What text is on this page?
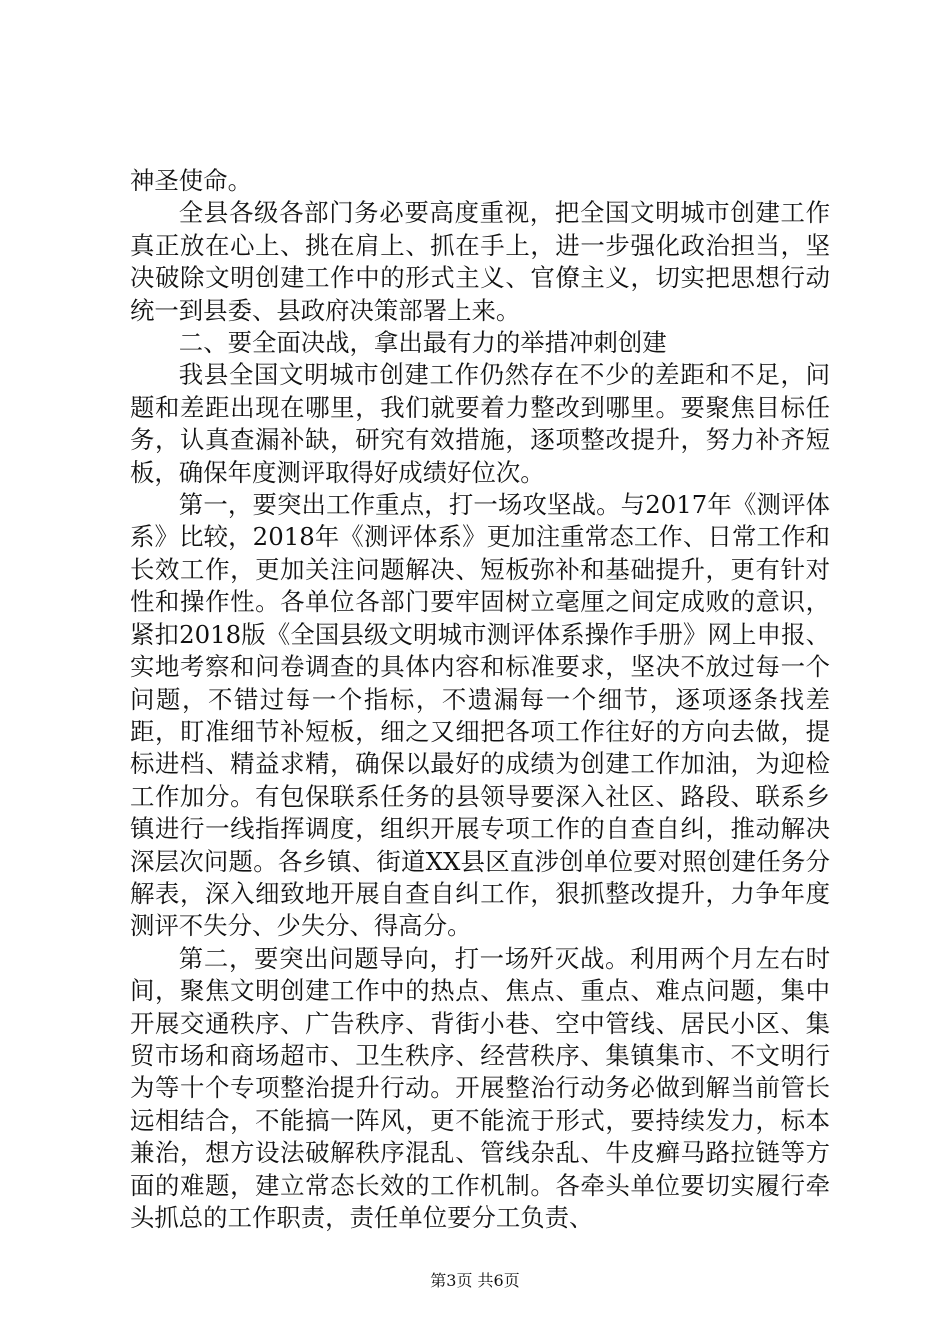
神圣使命。

全县各级各部门务必要高度重视，把全国文明城市创建工作真正放在心上、挑在肩上、抓在手上，进一步强化政治担当，坚决破除文明创建工作中的形式主义、官僚主义，切实把思想行动统一到县委、县政府决策部署上来。

二、要全面决战，拿出最有力的举措冲刺创建

我县全国文明城市创建工作仍然存在不少的差距和不足，问题和差距出现在哪里，我们就要着力整改到哪里。要聚焦目标任务，认真查漏补缺，研究有效措施，逐项整改提升，努力补齐短板，确保年度测评取得好成绩好位次。

第一，要突出工作重点，打一场攻坚战。与2017年《测评体系》比较，2018年《测评体系》更加注重常态工作、日常工作和长效工作，更加关注问题解决、短板弥补和基础提升，更有针对性和操作性。各单位各部门要牢固树立毫厘之间定成败的意识，紧扣2018版《全国县级文明城市测评体系操作手册》网上申报、实地考察和问卷调查的具体内容和标准要求，坚决不放过每一个问题，不错过每一个指标，不遗漏每一个细节，逐项逐条找差距，盯准细节补短板，细之又细把各项工作往好的方向去做，提标进档、精益求精，确保以最好的成绩为创建工作加油，为迎检工作加分。有包保联系任务的县领导要深入社区、路段、联系乡镇进行一线指挥调度，组织开展专项工作的自查自纠，推动解决深层次问题。各乡镇、街道XX县区直涉创单位要对照创建任务分解表，深入细致地开展自查自纠工作，狠抓整改提升，力争年度测评不失分、少失分、得高分。

第二，要突出问题导向，打一场歼灭战。利用两个月左右时间，聚焦文明创建工作中的热点、焦点、重点、难点问题，集中开展交通秩序、广告秩序、背街小巷、空中管线、居民小区、集贸市场和商场超市、卫生秩序、经营秩序、集镇集市、不文明行为等十个专项整治提升行动。开展整治行动务必做到解当前管长远相结合，不能搞一阵风，更不能流于形式，要持续发力，标本兼治，想方设法破解秩序混乱、管线杂乱、牛皮癣马路拉链等方面的难题，建立常态长效的工作机制。各牵头单位要切实履行牵头抓总的工作职责，责任单位要分工负责、

第3页 共6页
